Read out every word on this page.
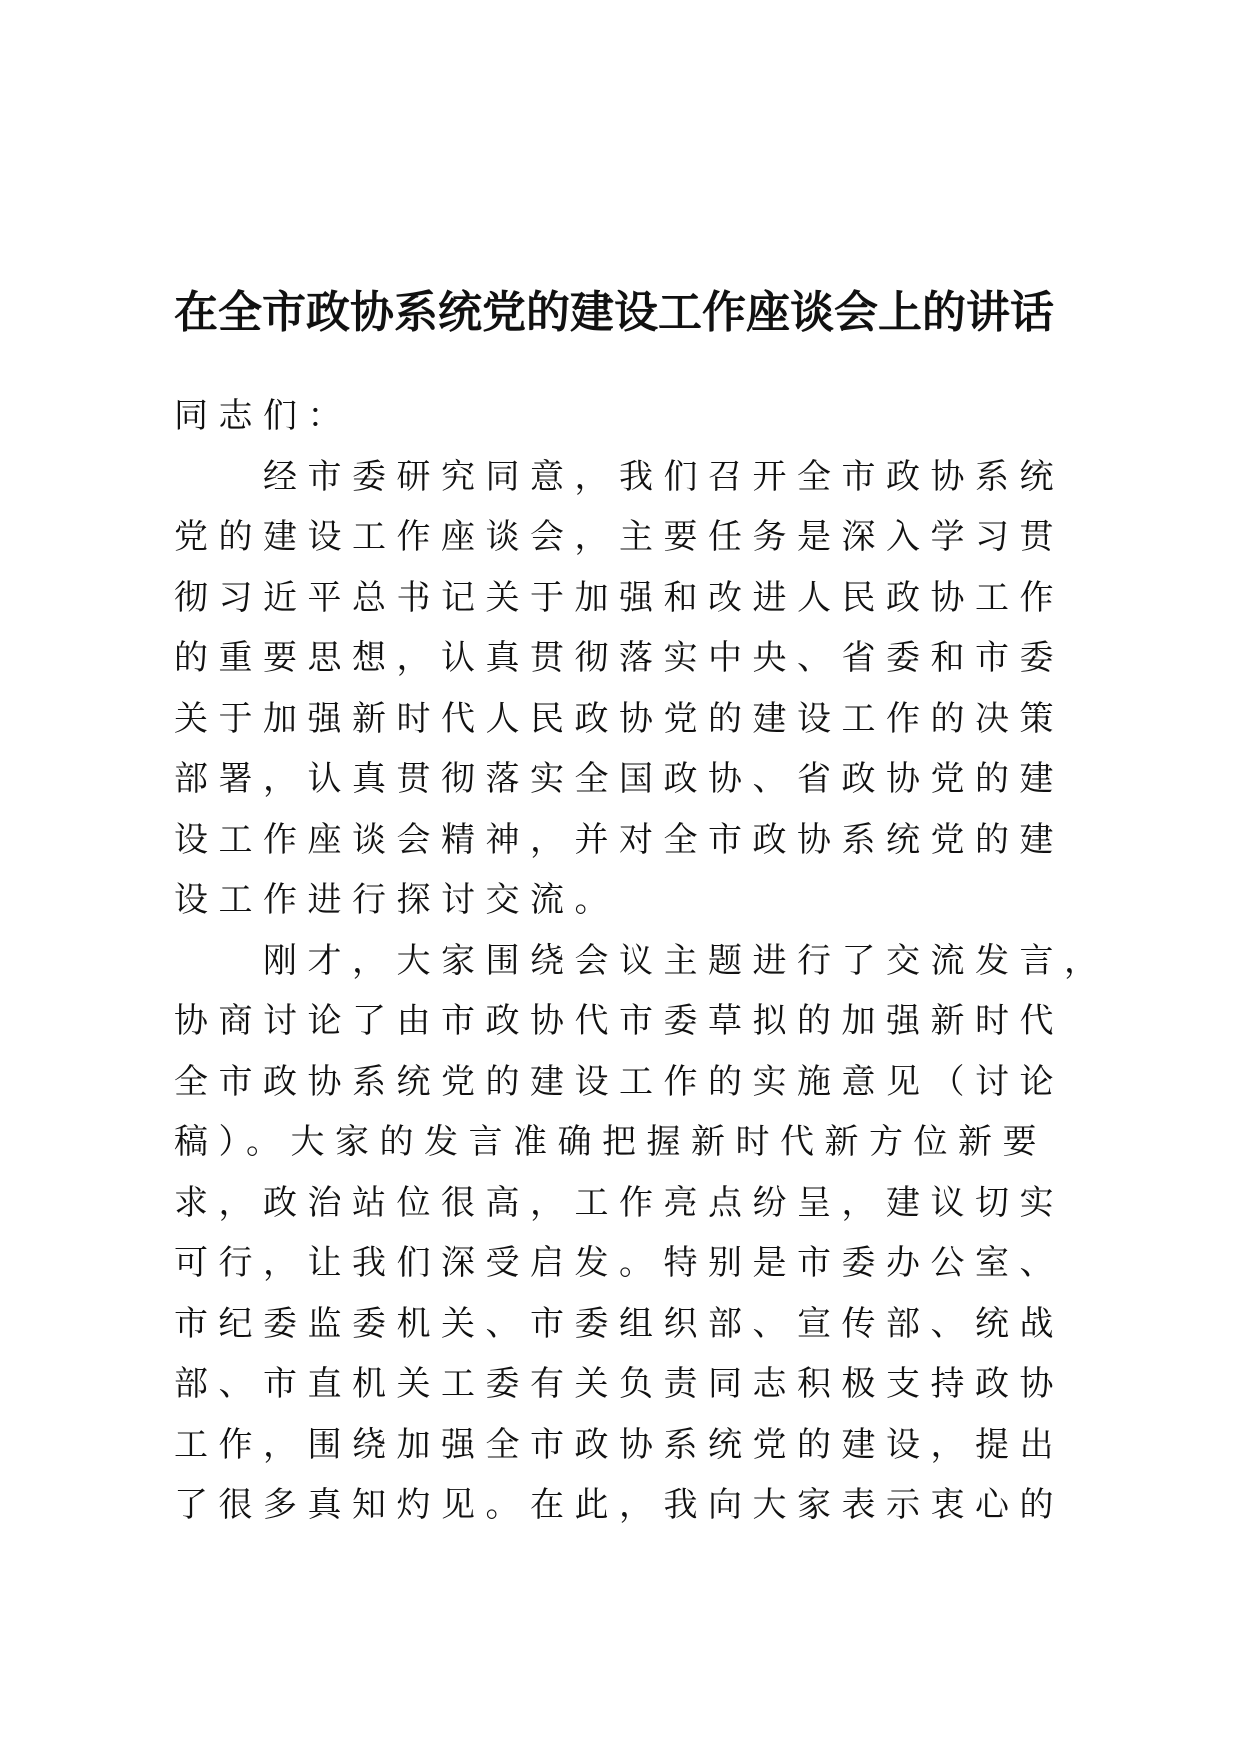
在全市政协系统党的建设工作座谈会上的讲话
同志们：
经市委研究同意，我们召开全市政协系统
党的建设工作座谈会，主要任务是深入学习贯
彻习近平总书记关于加强和改进人民政协工作
的重要思想，认真贯彻落实中央、省委和市委
关于加强新时代人民政协党的建设工作的决策
部署，认真贯彻落实全国政协、省政协党的建
设工作座谈会精神，并对全市政协系统党的建
设工作进行探讨交流。
刚才，大家围绕会议主题进行了交流发言，
协商讨论了由市政协代市委草拟的加强新时代
全市政协系统党的建设工作的实施意见（讨论
稿）。大家的发言准确把握新时代新方位新要
求，政治站位很高，工作亮点纷呈，建议切实
可行，让我们深受启发。特别是市委办公室、
市纪委监委机关、市委组织部、宣传部、统战
部、市直机关工委有关负责同志积极支持政协
工作，围绕加强全市政协系统党的建设，提出
了很多真知灼见。在此，我向大家表示衷心的
